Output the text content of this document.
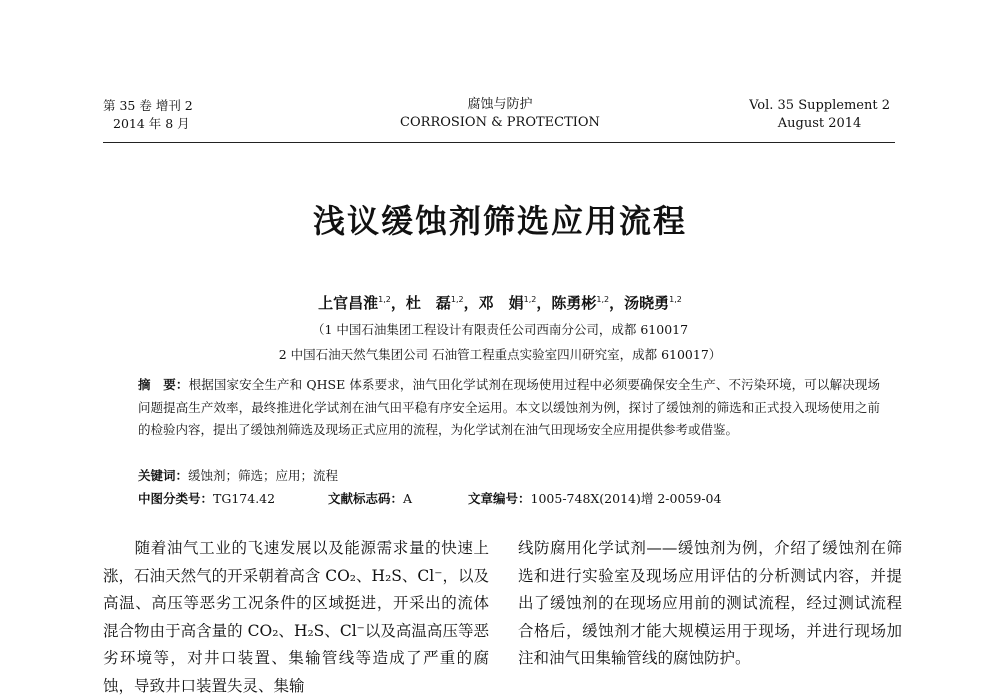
第 35 卷 增刊 2
2014 年 8 月
腐蚀与防护
CORROSION & PROTECTION
Vol. 35 Supplement 2
August 2014
浅议缓蚀剂筛选应用流程
上官昌淮$^{1,2}$，杜　磊$^{1,2}$，邓　娟$^{1,2}$，陈勇彬$^{1,2}$，汤晓勇$^{1,2}$
（1 中国石油集团工程设计有限责任公司西南分公司，成都 610017
2 中国石油天然气集团公司 石油管工程重点实验室四川研究室，成都 610017）
摘　要：根据国家安全生产和 QHSE 体系要求，油气田化学试剂在现场使用过程中必须要确保安全生产、不污染环境，可以解决现场问题提高生产效率，最终推进化学试剂在油气田平稳有序安全运用。本文以缓蚀剂为例，探讨了缓蚀剂的筛选和正式投入现场使用之前的检验内容，提出了缓蚀剂筛选及现场正式应用的流程，为化学试剂在油气田现场安全应用提供参考或借鉴。
关键词：缓蚀剂；筛选；应用；流程
中图分类号：TG174.42	文献标志码：A	文章编号：1005-748X(2014)增 2-0059-04
随着油气工业的飞速发展以及能源需求量的快速上涨，石油天然气的开采朝着高含 CO₂、H₂S、Cl⁻，以及高温、高压等恶劣工况条件的区域挺进，开采出的流体混合物由于高含量的 CO₂、H₂S、Cl⁻以及高温高压等恶劣环境等，对井口装置、集输管线等造成了严重的腐蚀，导致井口装置失灵、集输
线防腐用化学试剂——缓蚀剂为例，介绍了缓蚀剂在筛选和进行实验室及现场应用评估的分析测试内容，并提出了缓蚀剂的在现场应用前的测试流程，经过测试流程合格后，缓蚀剂才能大规模运用于现场，并进行现场加注和油气田集输管线的腐蚀防护。
